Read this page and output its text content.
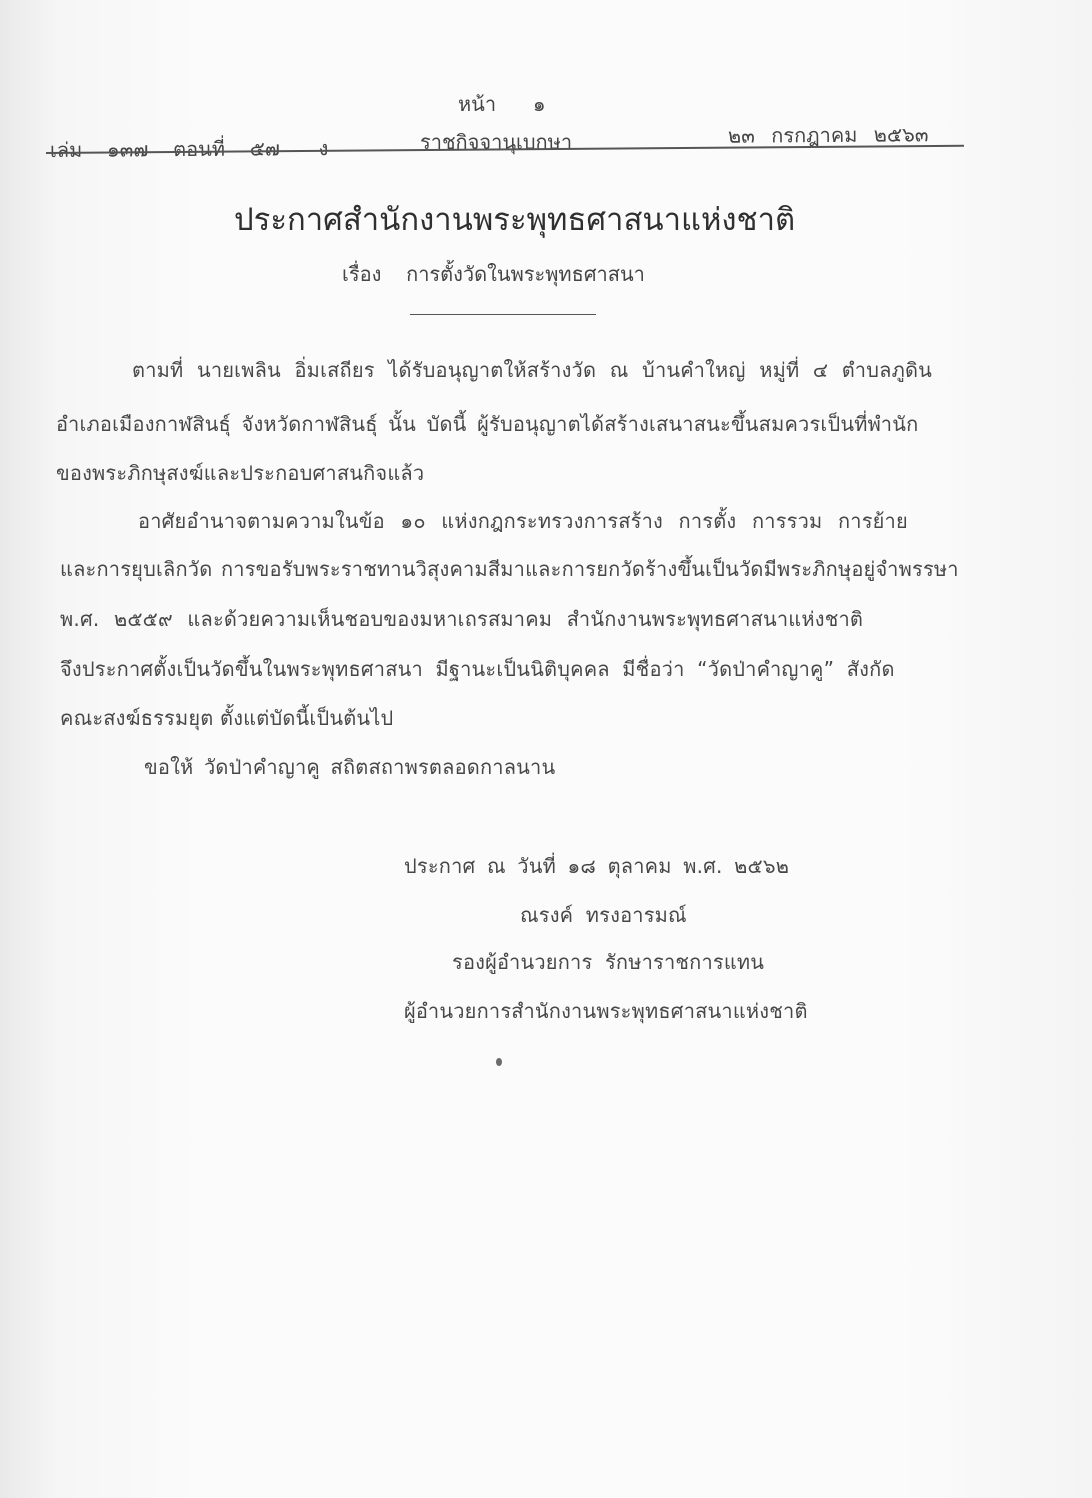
หน้า ๑
เล่ม ๑๓๗ ตอนที่ ๕๗ ง	ราชกิจจานุเบกษา	๒๓ กรกฎาคม ๒๕๖๓
ประกาศสำนักงานพระพุทธศาสนาแห่งชาติ
เรื่อง การตั้งวัดในพระพุทธศาสนา
ตามที่ นายเพลิน อิ่มเสถียร ได้รับอนุญาตให้สร้างวัด ณ บ้านคำใหญ่ หมู่ที่ ๔ ตำบลภูดิน
อำเภอเมืองกาฬสินธุ์ จังหวัดกาฬสินธุ์ นั้น บัดนี้ ผู้รับอนุญาตได้สร้างเสนาสนะขึ้นสมควรเป็นที่พำนัก
ของพระภิกษุสงฆ์และประกอบศาสนกิจแล้ว
อาศัยอำนาจตามความในข้อ ๑๐ แห่งกฎกระทรวงการสร้าง การตั้ง การรวม การย้าย
และการยุบเลิกวัด การขอรับพระราชทานวิสุงคามสีมาและการยกวัดร้างขึ้นเป็นวัดมีพระภิกษุอยู่จำพรรษา
พ.ศ. ๒๕๕๙ และด้วยความเห็นชอบของมหาเถรสมาคม สำนักงานพระพุทธศาสนาแห่งชาติ
จึงประกาศตั้งเป็นวัดขึ้นในพระพุทธศาสนา มีฐานะเป็นนิติบุคคล มีชื่อว่า “วัดป่าคำญาคู” สังกัด
คณะสงฆ์ธรรมยุต ตั้งแต่บัดนี้เป็นต้นไป
ขอให้ วัดป่าคำญาคู สถิตสถาพรตลอดกาลนาน
ประกาศ ณ วันที่ ๑๘ ตุลาคม พ.ศ. ๒๕๖๒
ณรงค์ ทรงอารมณ์
รองผู้อำนวยการ รักษาราชการแทน
ผู้อำนวยการสำนักงานพระพุทธศาสนาแห่งชาติ
